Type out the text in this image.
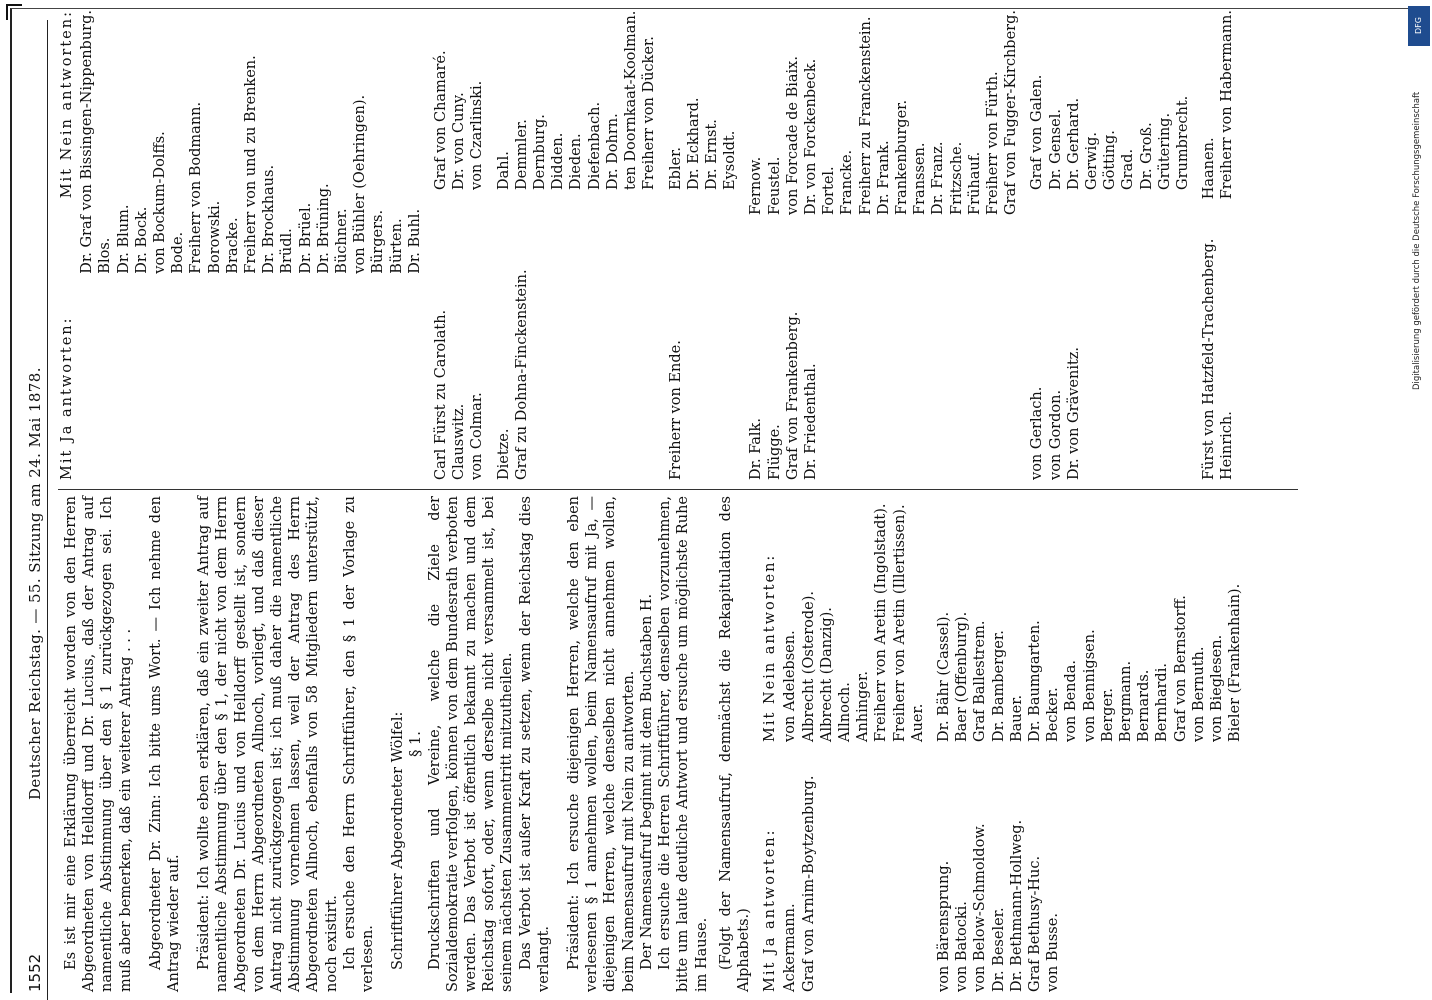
1552
Deutscher Reichstag. — 55. Sitzung am 24. Mai 1878. Es ist mir eine Erklärung überreicht worden von den Herren Abgeordneten von Helldorff und Dr. Lucius, daß der Antrag auf namentliche Abstimmung über den § 1 zurückgezogen sei. Ich muß aber bemerken, daß ein weiterer Antrag . . . Abgeordneter Dr. Zinn: Ich bitte ums Wort. — Ich nehme den Antrag wieder auf. Präsident: Ich wollte eben erklären, daß ein zweiter Antrag auf namentliche Abstimmung über den § 1, der nicht von dem Herrn Abgeordneten Dr. Lucius und von Helldorff gestellt ist, sondern von dem Herrn Abgeordneten Allnoch, vorliegt, und daß dieser Antrag nicht zurückgezogen ist; ich muß daher die namentliche Abstimmung vornehmen lassen, weil der Antrag des Herrn Abgeordneten Allnoch, ebenfalls von 58 Mitgliedern unterstützt, noch existirt. Ich ersuche den Herrn Schriftführer, den § 1 der Vorlage zu verlesen. Schriftführer Abgeordneter Wölfel: § 1. Druckschriften und Vereine, welche die Ziele der Sozialdemokratie verfolgen, können von dem Bundesrath verboten werden. Das Verbot ist öffentlich bekannt zu machen und dem Reichstag sofort, oder, wenn derselbe nicht versammelt ist, bei seinem nächsten Zusammentritt mitzutheilen. Das Verbot ist außer Kraft zu setzen, wenn der Reichstag dies verlangt. Präsident: Ich ersuche diejenigen Herren, welche den eben verlesenen § 1 annehmen wollen, beim Namensaufruf mit Ja, — diejenigen Herren, welche denselben nicht annehmen wollen, beim Namensaufruf mit Nein zu antworten. Der Namensaufruf beginnt mit dem Buchstaben H. Ich ersuche die Herren Schriftführer, denselben vorzunehmen, bitte um laute deutliche Antwort und ersuche um möglichste Ruhe im Hause. (Folgt der Namensaufruf, demnächst die Rekapitulation des Alphabets.) Mit Ja antworten:
Mit Nein antworten:
Ackermann. Graf von Arnim-Boytzenburg.
von Adelebsen. Albrecht (Osterode). Albrecht (Danzig). Allnoch. Anhinger. Freiherr von Aretin (Ingolstadt). Freiherr von Aretin (Illertissen). Auer.
von Bärensprung. von Batocki. von Below-Schmoldow. Dr. Beseler. Dr. Bethmann-Hollweg. Graf Bethusy-Huc. von Busse.
Dr. Bähr (Cassel). Baer (Offenburg). Graf Ballestrem. Dr. Bamberger. Bauer. Dr. Baumgarten. Becker. von Benda. von Bennigsen. Berger. Bergmann. Bernards. Bernhardi. Graf von Bernstorff. von Bernuth. von Bieglesen. Bieler (Frankenhain).
Mit Ja antworten:
Mit Nein antworten: Dr. Graf von Bissingen-Nippenburg. Blos. Dr. Blum. Dr. Bock. von Bockum-Dolffs. Bode. Freiherr von Bodmann. Borowski. Bracke. Freiherr von und zu Brenken. Dr. Brockhaus. Brüdl. Dr. Brüel. Dr. Brüning. Büchner. von Bühler (Oehringen). Bürgers. Bürten. Dr. Buhl.
Carl Fürst zu Carolath. Clauswitz. von Colmar.
Graf von Chamaré. Dr. von Cuny. von Czarlinski.
Dietze. Graf zu Dohna-Finckenstein.
Dahl. Demmler. Dernburg. Didden. Dieden. Diefenbach. Dr. Dohrn. ten Doornkaat-Koolman. Freiherr von Dücker.
Freiherr von Ende.
Ebler. Dr. Eckhard. Dr. Ernst. Eysoldt.
Dr. Falk. Flügge. Graf von Frankenberg. Dr. Friedenthal.
Fernow. Feustel. von Forcade de Biaix. Dr. von Forckenbeck. Fortel. Francke. Freiherr zu Franckenstein. Dr. Frank. Frankenburger. Franssen. Dr. Franz. Fritzsche. Frühauf. Freiherr von Fürth. Graf von Fugger-Kirchberg.
von Gerlach. von Gordon. Dr. von Grävenitz.
Graf von Galen. Dr. Gensel. Dr. Gerhard. Gerwig. Götting. Grad. Dr. Groß. Grütering. Grumbrecht.
Fürst von Hatzfeld-Trachenberg. Heinrich.
Haanen. Freiherr von Habermann.	DFG
Digitalisierung gefördert durch die Deutsche Forschungsgemeinschaft
